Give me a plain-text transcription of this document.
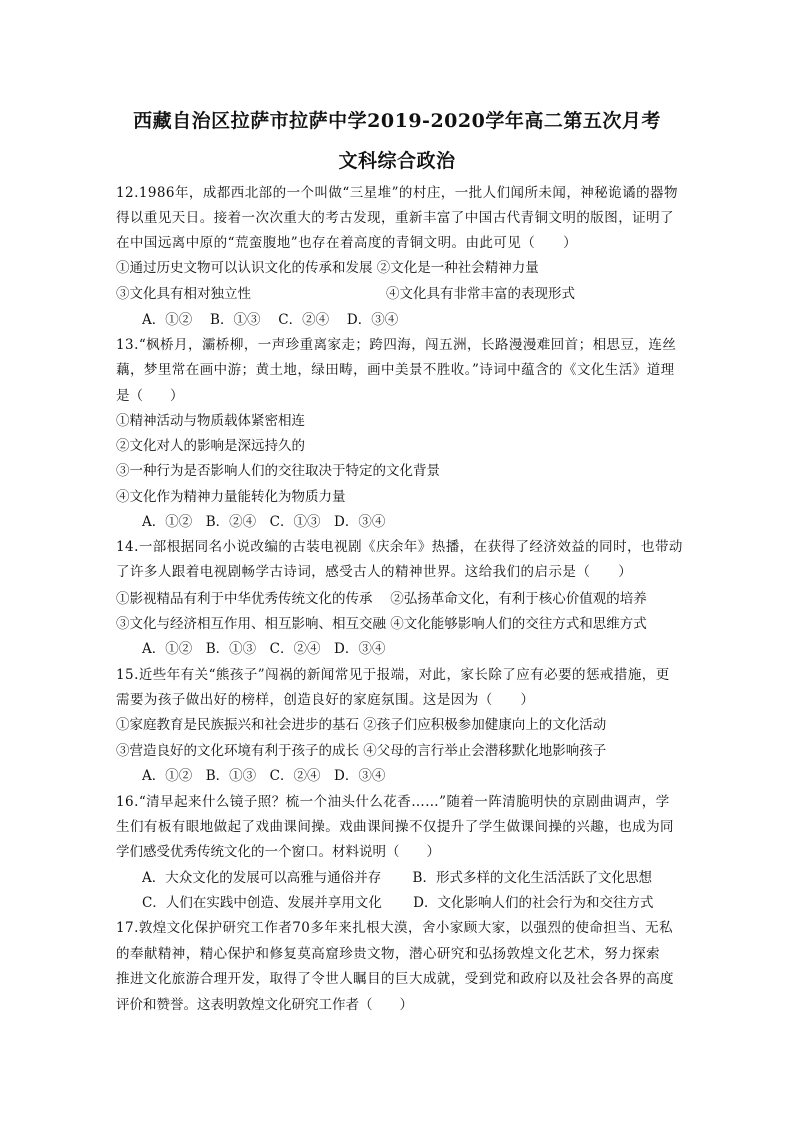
西藏自治区拉萨市拉萨中学2019-2020学年高二第五次月考
文科综合政治
12.1986年，成都西北部的一个叫做“三星堆”的村庄，一批人们闻所未闻，神秘诡谲的器物
得以重见天日。接着一次次重大的考古发现，重新丰富了中国古代青铜文明的版图，证明了
在中国远离中原的“荒蛮腹地”也存在着高度的青铜文明。由此可见（　　）
①通过历史文物可以认识文化的传承和发展 ②文化是一种社会精神力量
③文化具有相对独立性	④文化具有非常丰富的表现形式
A．①②　 B．①③　 C．②④　 D．③④
13.“枫桥月，灞桥柳，一声珍重离家走；跨四海，闯五洲，长路漫漫难回首；相思豆，连丝
藕，梦里常在画中游；黄土地，绿田畴，画中美景不胜收。”诗词中蕴含的《文化生活》道理
是（　　）
①精神活动与物质载体紧密相连
②文化对人的影响是深远持久的
③一种行为是否影响人们的交往取决于特定的文化背景
④文化作为精神力量能转化为物质力量
A．①②　B．②④　C．①③　D．③④
14.一部根据同名小说改编的古装电视剧《庆余年》热播，在获得了经济效益的同时，也带动
了许多人跟着电视剧畅学古诗词，感受古人的精神世界。这给我们的启示是（　　）
①影视精品有利于中华优秀传统文化的传承　 ②弘扬革命文化，有利于核心价值观的培养
③文化与经济相互作用、相互影响、相互交融 ④文化能够影响人们的交往方式和思维方式
A．①②　B．①③　C．②④　D．③④
15.近些年有关“熊孩子”闯祸的新闻常见于报端，对此，家长除了应有必要的惩戒措施，更
需要为孩子做出好的榜样，创造良好的家庭氛围。这是因为（　　）
①家庭教育是民族振兴和社会进步的基石 ②孩子们应积极参加健康向上的文化活动
③营造良好的文化环境有利于孩子的成长 ④父母的言行举止会潜移默化地影响孩子
A．①②　B．①③　C．②④　D．③④
16.“清早起来什么镜子照？梳一个油头什么花香……”随着一阵清脆明快的京剧曲调声，学
生们有板有眼地做起了戏曲课间操。戏曲课间操不仅提升了学生做课间操的兴趣，也成为同
学们感受优秀传统文化的一个窗口。材料说明（　　）
A．大众文化的发展可以高雅与通俗并存　　 B．形式多样的文化生活活跃了文化思想
C．人们在实践中创造、发展并享用文化　　 D．文化影响人们的社会行为和交往方式
17.敦煌文化保护研究工作者70多年来扎根大漠，舍小家顾大家，以强烈的使命担当、无私
的奉献精神，精心保护和修复莫高窟珍贵文物，潜心研究和弘扬敦煌文化艺术，努力探索
推进文化旅游合理开发，取得了令世人瞩目的巨大成就，受到党和政府以及社会各界的高度
评价和赞誉。这表明敦煌文化研究工作者（　　）
